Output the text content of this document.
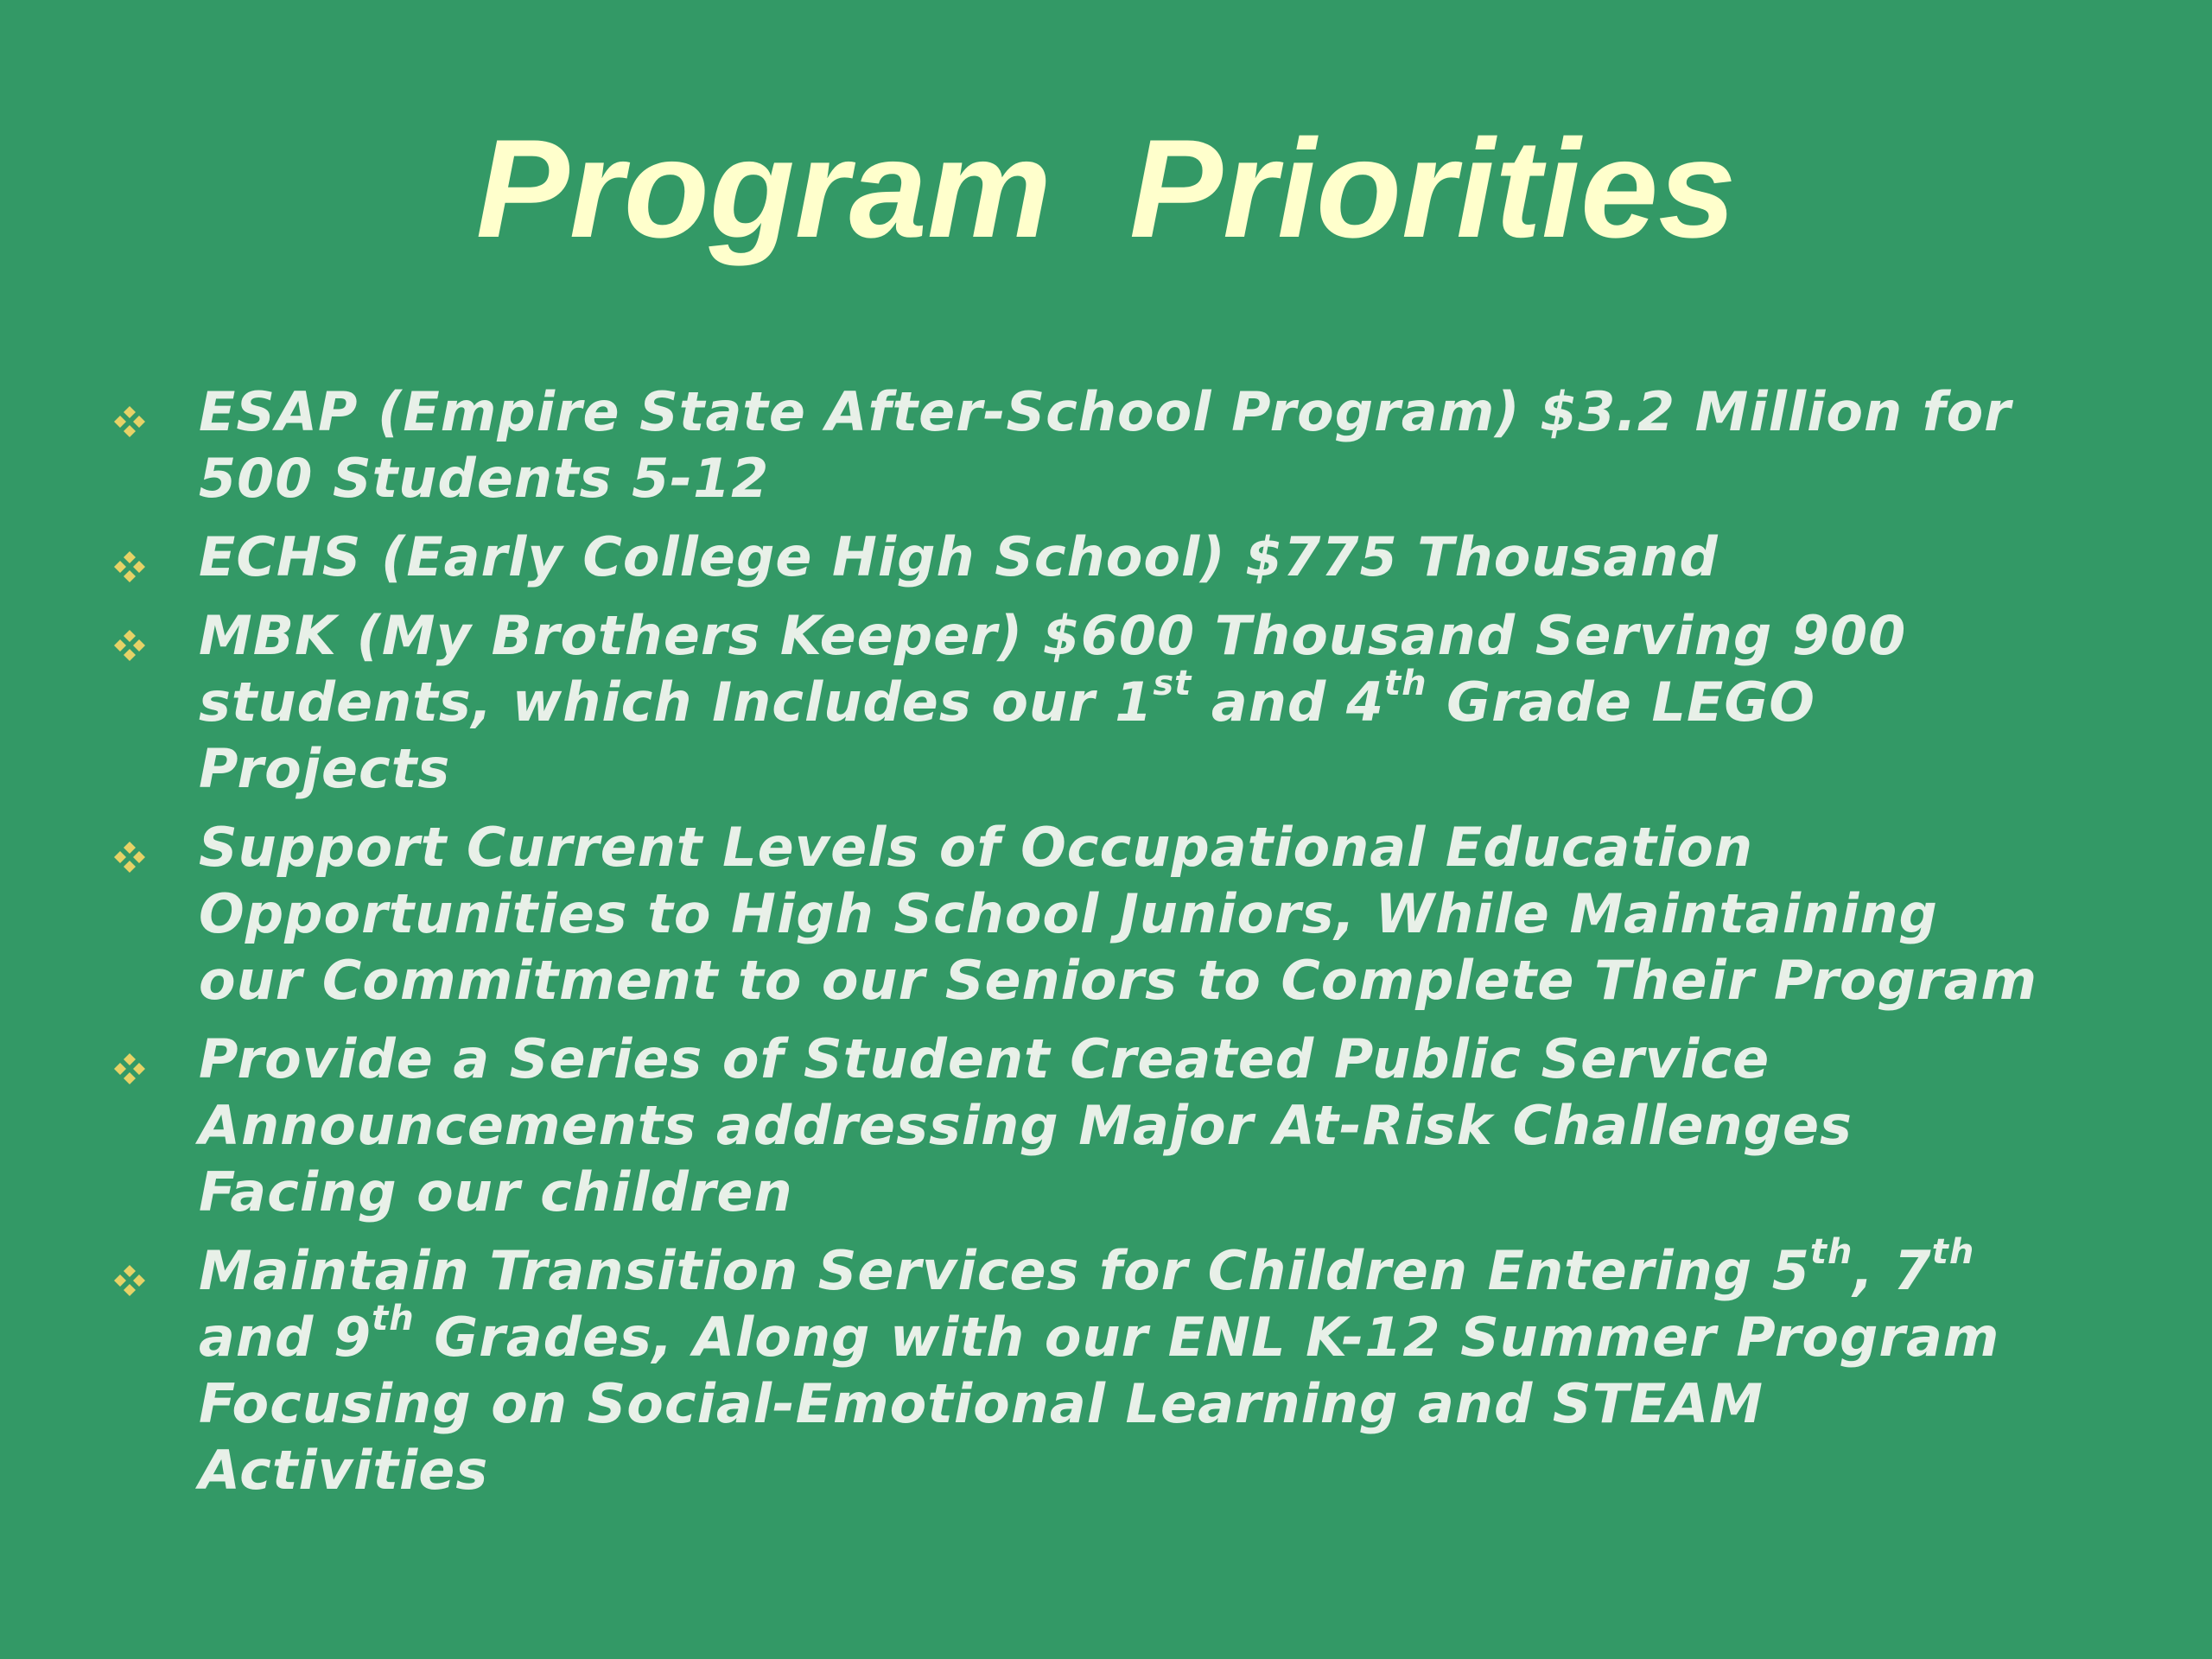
Program  Priorities
ESAP (Empire State After-School Program) $3.2 Million for
500 Students 5-12
ECHS (Early College High School) $775 Thousand
MBK (My Brothers Keeper) $600 Thousand Serving 900
students, which Includes our 1st and 4th Grade LEGO
Projects
Support Current Levels of Occupational Education
Opportunities to High School Juniors, While Maintaining
our Commitment to our Seniors to Complete Their Program
Provide a Series of Student Created Public Service
Announcements addressing Major At-Risk Challenges
Facing our children
Maintain Transition Services for Children Entering 5th, 7th
and 9th Grades, Along with our ENL K-12 Summer Program
Focusing on Social-Emotional Learning and STEAM
Activities
